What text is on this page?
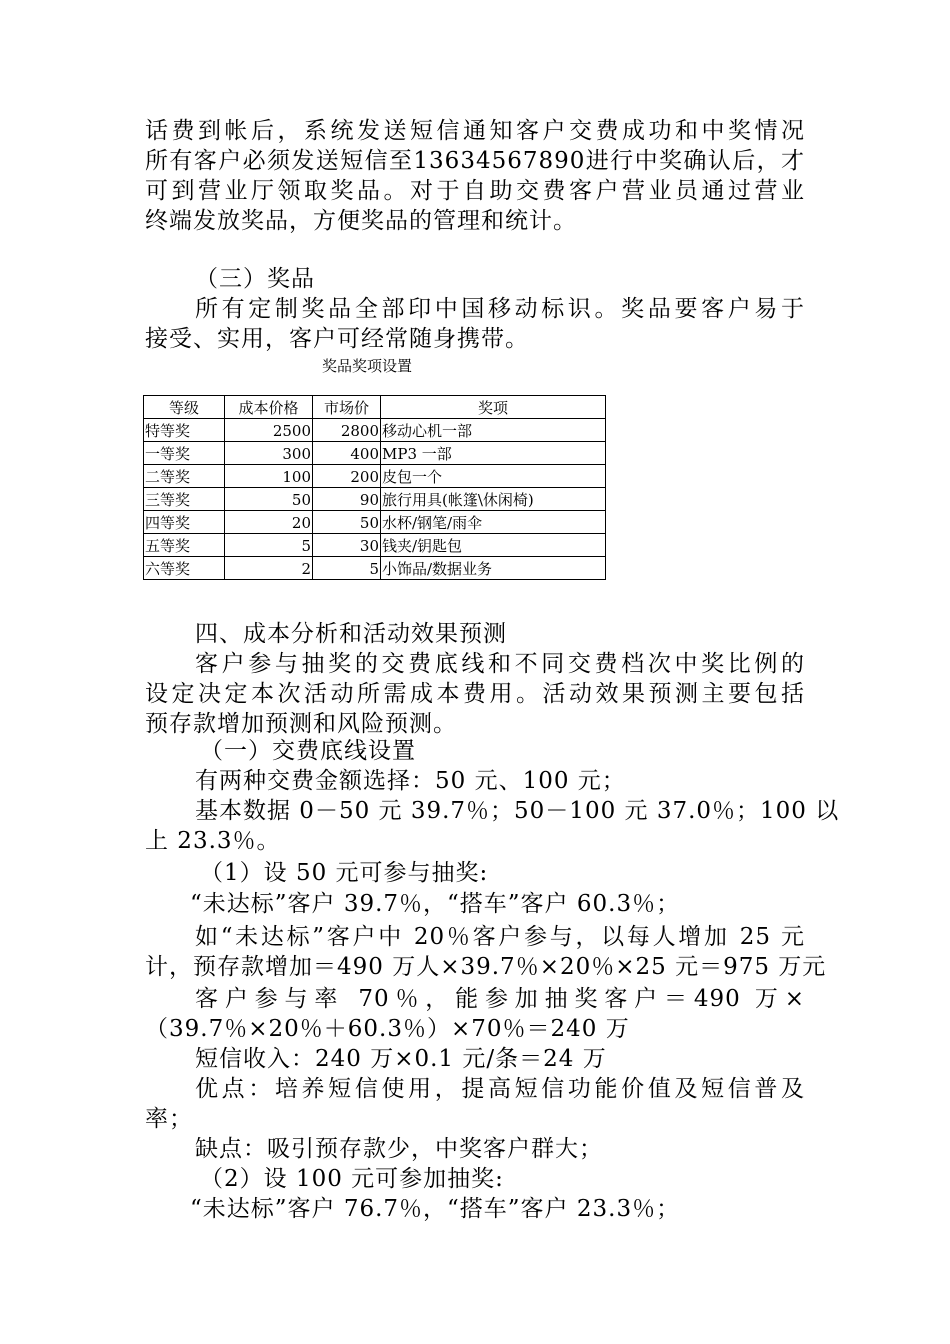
话费到帐后，系统发送短信通知客户交费成功和中奖情况
所有客户必须发送短信至13634567890进行中奖确认后，才
可到营业厅领取奖品。对于自助交费客户营业员通过营业
终端发放奖品，方便奖品的管理和统计。
（三）奖品
所有定制奖品全部印中国移动标识。奖品要客户易于
接受、实用，客户可经常随身携带。
奖品奖项设置
等级	成本价格	市场价	奖项
特等奖	2500	2800	移动心机一部
一等奖	300	400	MP3 一部
二等奖	100	200	皮包一个
三等奖	50	90	旅行用具(帐篷\休闲椅)
四等奖	20	50	水杯/钢笔/雨伞
五等奖	5	30	钱夹/钥匙包
六等奖	2	5	小饰品/数据业务
四、成本分析和活动效果预测
客户参与抽奖的交费底线和不同交费档次中奖比例的
设定决定本次活动所需成本费用。活动效果预测主要包括
预存款增加预测和风险预测。
（一）交费底线设置
有两种交费金额选择：50 元、100 元；
基本数据 0－50 元 39.7％；50－100 元 37.0％；100 以
上 23.3％。
（1）设 50 元可参与抽奖:
“未达标”客户 39.7％，“搭车”客户 60.3％；
如“未达标”客户中 20％客户参与，以每人增加 25 元
计，预存款增加＝490 万人×39.7％×20％×25 元＝975 万元
客户参与率 70％，能参加抽奖客户＝490 万×
（39.7％×20％＋60.3％）×70％＝240 万
短信收入：240 万×0.1 元/条＝24 万
优点：培养短信使用，提高短信功能价值及短信普及
率；
缺点：吸引预存款少，中奖客户群大；
（2）设 100 元可参加抽奖:
“未达标”客户 76.7％，“搭车”客户 23.3％；
